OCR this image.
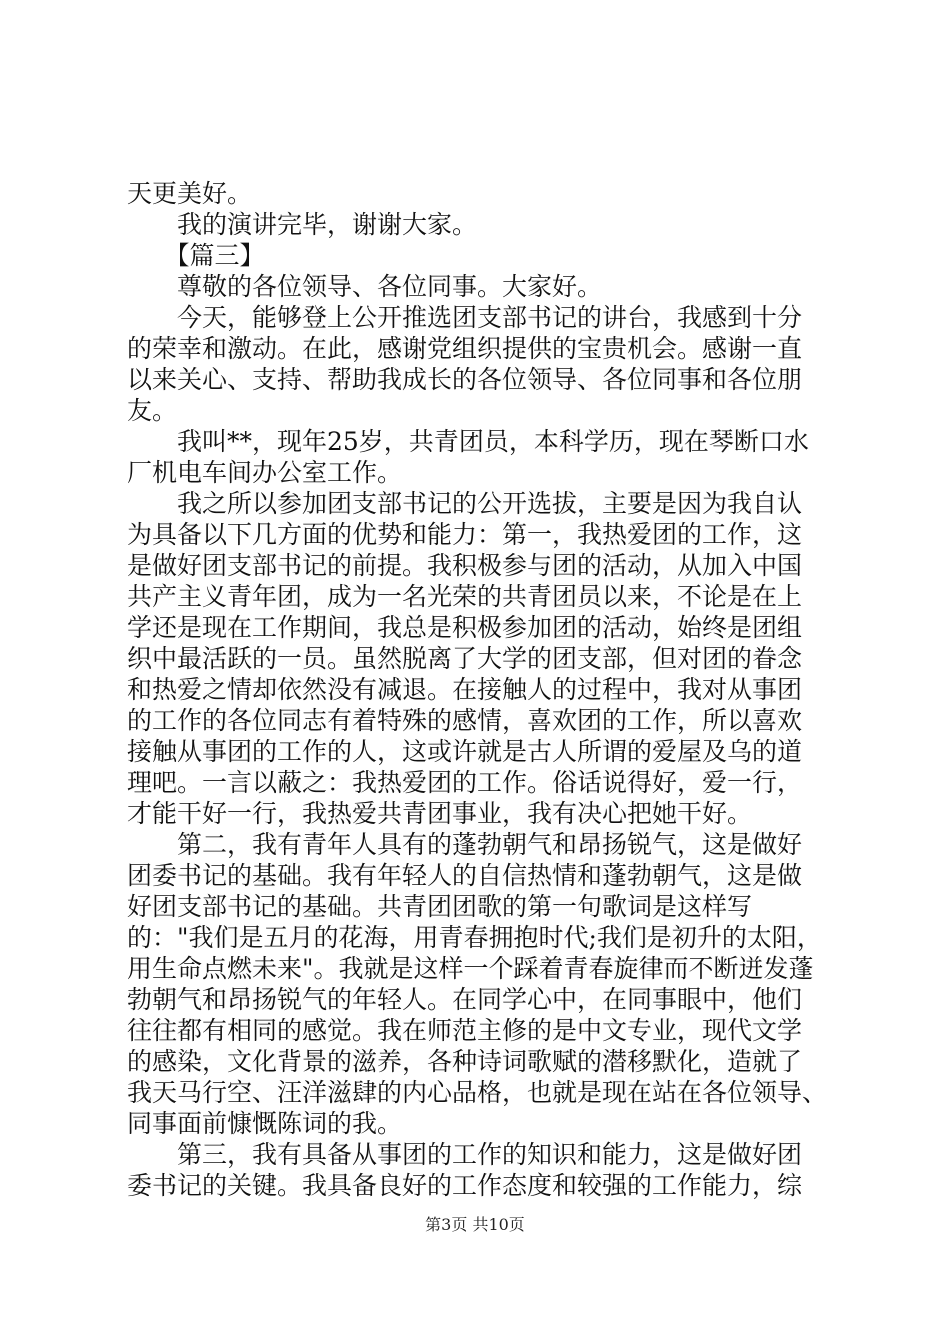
天更美好。
　　我的演讲完毕，谢谢大家。
　　【篇三】
　　尊敬的各位领导、各位同事。大家好。
　　今天，能够登上公开推选团支部书记的讲台，我感到十分
的荣幸和激动。在此，感谢党组织提供的宝贵机会。感谢一直
以来关心、支持、帮助我成长的各位领导、各位同事和各位朋
友。
　　我叫**，现年25岁，共青团员，本科学历，现在琴断口水
厂机电车间办公室工作。
　　我之所以参加团支部书记的公开选拔，主要是因为我自认
为具备以下几方面的优势和能力：第一，我热爱团的工作，这
是做好团支部书记的前提。我积极参与团的活动，从加入中国
共产主义青年团，成为一名光荣的共青团员以来，不论是在上
学还是现在工作期间，我总是积极参加团的活动，始终是团组
织中最活跃的一员。虽然脱离了大学的团支部，但对团的眷念
和热爱之情却依然没有减退。在接触人的过程中，我对从事团
的工作的各位同志有着特殊的感情，喜欢团的工作，所以喜欢
接触从事团的工作的人，这或许就是古人所谓的爱屋及乌的道
理吧。一言以蔽之：我热爱团的工作。俗话说得好，爱一行，
才能干好一行，我热爱共青团事业，我有决心把她干好。
　　第二，我有青年人具有的蓬勃朝气和昂扬锐气，这是做好
团委书记的基础。我有年轻人的自信热情和蓬勃朝气，这是做
好团支部书记的基础。共青团团歌的第一句歌词是这样写
的："我们是五月的花海，用青春拥抱时代;我们是初升的太阳，
用生命点燃未来"。我就是这样一个踩着青春旋律而不断迸发蓬
勃朝气和昂扬锐气的年轻人。在同学心中，在同事眼中，他们
往往都有相同的感觉。我在师范主修的是中文专业，现代文学
的感染，文化背景的滋养，各种诗词歌赋的潜移默化，造就了
我天马行空、汪洋滋肆的内心品格，也就是现在站在各位领导、
同事面前慷慨陈词的我。
　　第三，我有具备从事团的工作的知识和能力，这是做好团
委书记的关键。我具备良好的工作态度和较强的工作能力，综
第3页 共10页
